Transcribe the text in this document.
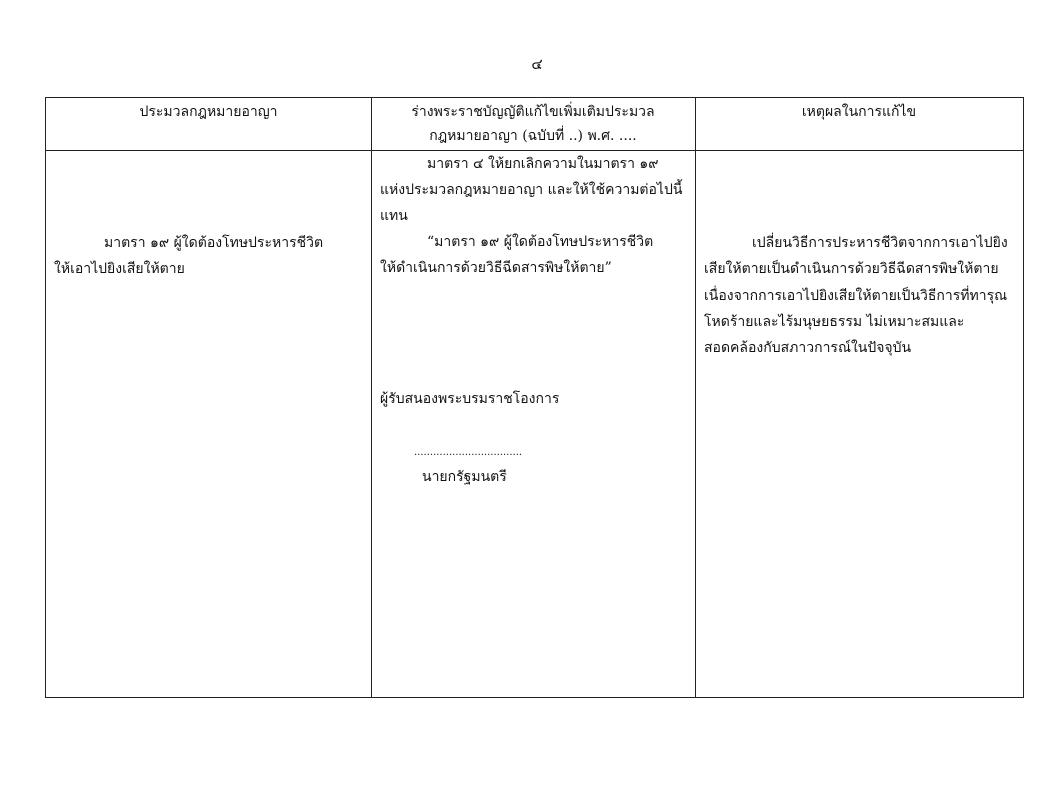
๔
ประมวลกฎหมายอาญา	ร่างพระราชบัญญัติแก้ไขเพิ่มเติมประมวล
กฎหมายอาญา (ฉบับที่ ..) พ.ศ. ....
เหตุผลในการแก้ไข
มาตรา ๑๙ ผู้ใดต้องโทษประหารชีวิต
ให้เอาไปยิงเสียให้ตาย
มาตรา ๔ ให้ยกเลิกความในมาตรา ๑๙
แห่งประมวลกฎหมายอาญา และให้ใช้ความต่อไปนี้
แทน
“มาตรา ๑๙ ผู้ใดต้องโทษประหารชีวิต
ให้ดำเนินการด้วยวิธีฉีดสารพิษให้ตาย”
ผู้รับสนองพระบรมราชโองการ
..................................
นายกรัฐมนตรี
เปลี่ยนวิธีการประหารชีวิตจากการเอาไปยิง
เสียให้ตายเป็นดำเนินการด้วยวิธีฉีดสารพิษให้ตาย
เนื่องจากการเอาไปยิงเสียให้ตายเป็นวิธีการที่ทารุณ
โหดร้ายและไร้มนุษยธรรม ไม่เหมาะสมและ
สอดคล้องกับสภาวการณ์ในปัจจุบัน
